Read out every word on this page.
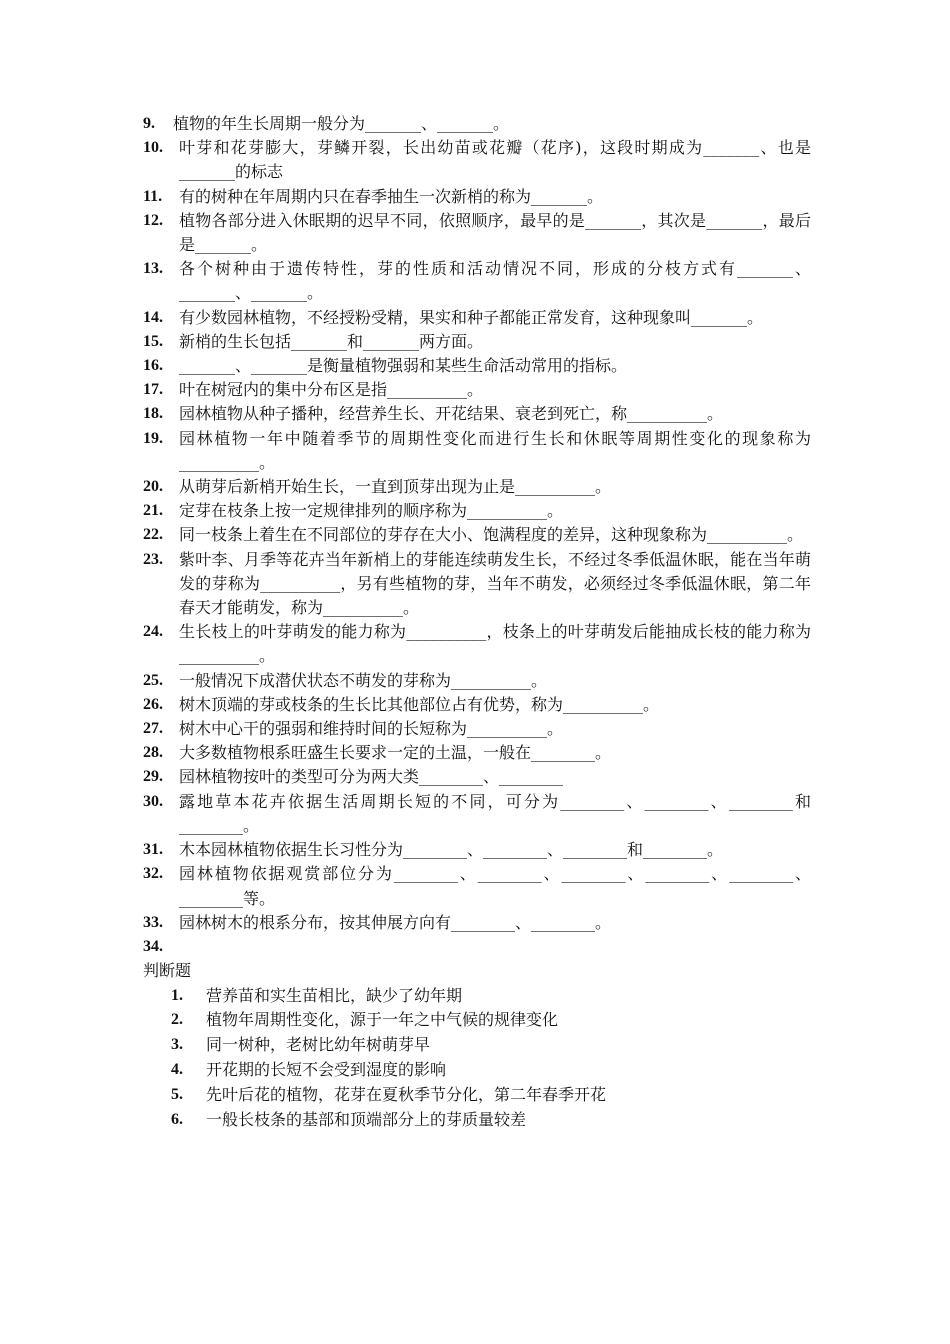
9.	植物的年生长周期一般分为_______、_______。
10.	叶芽和花芽膨大，芽鳞开裂，长出幼苗或花瓣（花序)，这段时期成为_______、也是_______的标志
11.	有的树种在年周期内只在春季抽生一次新梢的称为_______。
12.	植物各部分进入休眠期的迟早不同，依照顺序，最早的是_______，其次是_______，最后是_______。
13.	各个树种由于遗传特性，芽的性质和活动情况不同，形成的分枝方式有_______、_______、_______。
14.	有少数园林植物，不经授粉受精，果实和种子都能正常发育，这种现象叫_______。
15.	新梢的生长包括_______和_______两方面。
16.	_______、_______是衡量植物强弱和某些生命活动常用的指标。
17.	叶在树冠内的集中分布区是指__________。
18.	园林植物从种子播种，经营养生长、开花结果、衰老到死亡，称__________。
19.	园林植物一年中随着季节的周期性变化而进行生长和休眠等周期性变化的现象称为__________。
20.	从萌芽后新梢开始生长，一直到顶芽出现为止是__________。
21.	定芽在枝条上按一定规律排列的顺序称为__________。
22.	同一枝条上着生在不同部位的芽存在大小、饱满程度的差异，这种现象称为__________。
23.	紫叶李、月季等花卉当年新梢上的芽能连续萌发生长，不经过冬季低温休眠，能在当年萌发的芽称为__________，另有些植物的芽，当年不萌发，必须经过冬季低温休眠，第二年春天才能萌发，称为__________。
24.	生长枝上的叶芽萌发的能力称为__________，枝条上的叶芽萌发后能抽成长枝的能力称为__________。
25.	一般情况下成潜伏状态不萌发的芽称为__________。
26.	树木顶端的芽或枝条的生长比其他部位占有优势，称为__________。
27.	树木中心干的强弱和维持时间的长短称为__________。
28.	大多数植物根系旺盛生长要求一定的土温，一般在________。
29.	园林植物按叶的类型可分为两大类________、________
30.	露地草本花卉依据生活周期长短的不同，可分为________、________、________和________。
31.	木本园林植物依据生长习性分为________、________、________和________。
32.	园林植物依据观赏部位分为________、________、________、________、________、________等。
33.	园林树木的根系分布，按其伸展方向有________、________。
34.
判断题
1.	营养苗和实生苗相比，缺少了幼年期
2.	植物年周期性变化，源于一年之中气候的规律变化
3.	同一树种，老树比幼年树萌芽早
4.	开花期的长短不会受到湿度的影响
5.	先叶后花的植物，花芽在夏秋季节分化，第二年春季开花
6.	一般长枝条的基部和顶端部分上的芽质量较差
